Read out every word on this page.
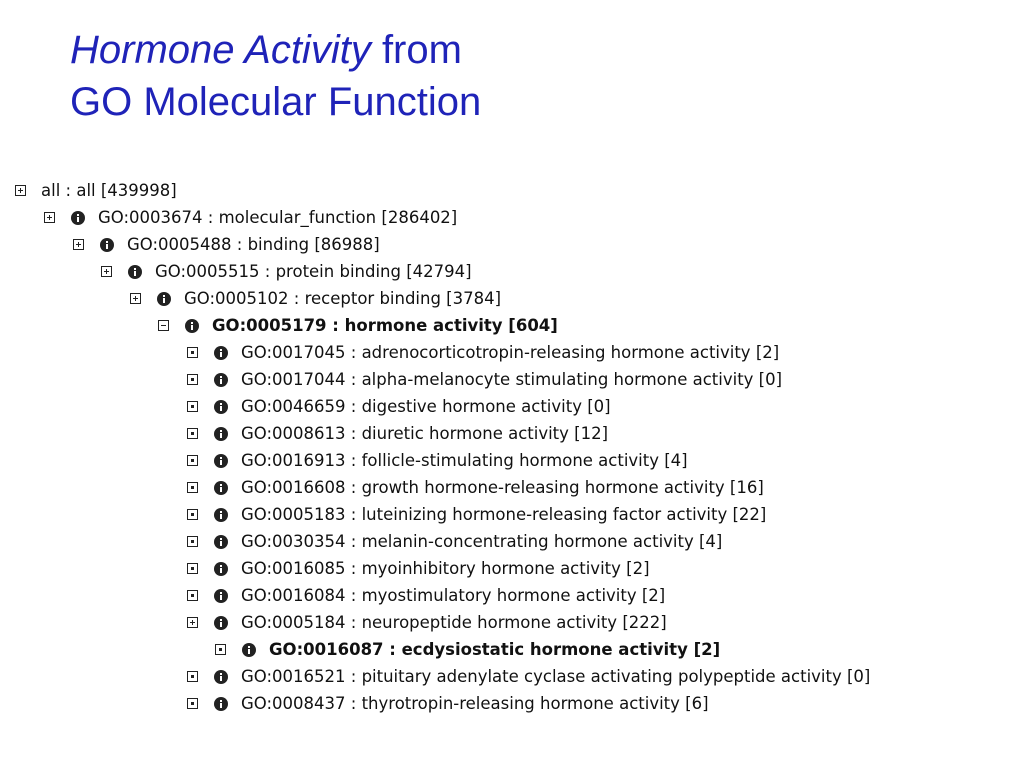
Hormone Activity from
GO Molecular Function
all : all [439998]
GO:0003674 : molecular_function [286402]
GO:0005488 : binding [86988]
GO:0005515 : protein binding [42794]
GO:0005102 : receptor binding [3784]
GO:0005179 : hormone activity [604]
GO:0017045 : adrenocorticotropin-releasing hormone activity [2]
GO:0017044 : alpha-melanocyte stimulating hormone activity [0]
GO:0046659 : digestive hormone activity [0]
GO:0008613 : diuretic hormone activity [12]
GO:0016913 : follicle-stimulating hormone activity [4]
GO:0016608 : growth hormone-releasing hormone activity [16]
GO:0005183 : luteinizing hormone-releasing factor activity [22]
GO:0030354 : melanin-concentrating hormone activity [4]
GO:0016085 : myoinhibitory hormone activity [2]
GO:0016084 : myostimulatory hormone activity [2]
GO:0005184 : neuropeptide hormone activity [222]
GO:0016087 : ecdysiostatic hormone activity [2]
GO:0016521 : pituitary adenylate cyclase activating polypeptide activity [0]
GO:0008437 : thyrotropin-releasing hormone activity [6]
